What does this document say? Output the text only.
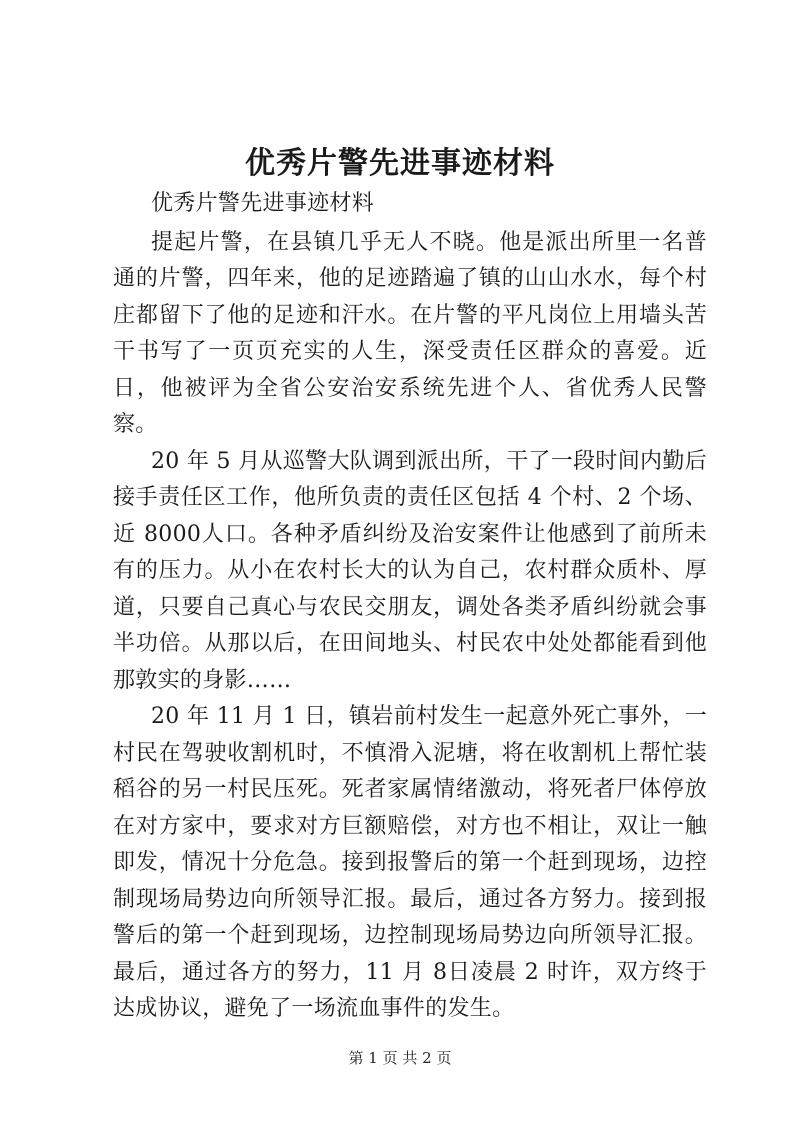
优秀片警先进事迹材料

优秀片警先进事迹材料

提起片警，在县镇几乎无人不晓。他是派出所里一名普通的片警，四年来，他的足迹踏遍了镇的山山水水，每个村庄都留下了他的足迹和汗水。在片警的平凡岗位上用墙头苦干书写了一页页充实的人生，深受责任区群众的喜爱。近日，他被评为全省公安治安系统先进个人、省优秀人民警察。

20 年 5 月从巡警大队调到派出所，干了一段时间内勤后接手责任区工作，他所负责的责任区包括 4 个村、2 个场、近 8000人口。各种矛盾纠纷及治安案件让他感到了前所未有的压力。从小在农村长大的认为自己，农村群众质朴、厚道，只要自己真心与农民交朋友，调处各类矛盾纠纷就会事半功倍。从那以后，在田间地头、村民农中处处都能看到他那敦实的身影……

20 年 11 月 1 日，镇岩前村发生一起意外死亡事外，一村民在驾驶收割机时，不慎滑入泥塘，将在收割机上帮忙装稻谷的另一村民压死。死者家属情绪激动，将死者尸体停放在对方家中，要求对方巨额赔偿，对方也不相让，双让一触即发，情况十分危急。接到报警后的第一个赶到现场，边控制现场局势边向所领导汇报。最后，通过各方努力。接到报警后的第一个赶到现场，边控制现场局势边向所领导汇报。最后，通过各方的努力，11 月 8日凌晨 2 时许，双方终于达成协议，避免了一场流血事件的发生。

第 1 页 共 2 页
